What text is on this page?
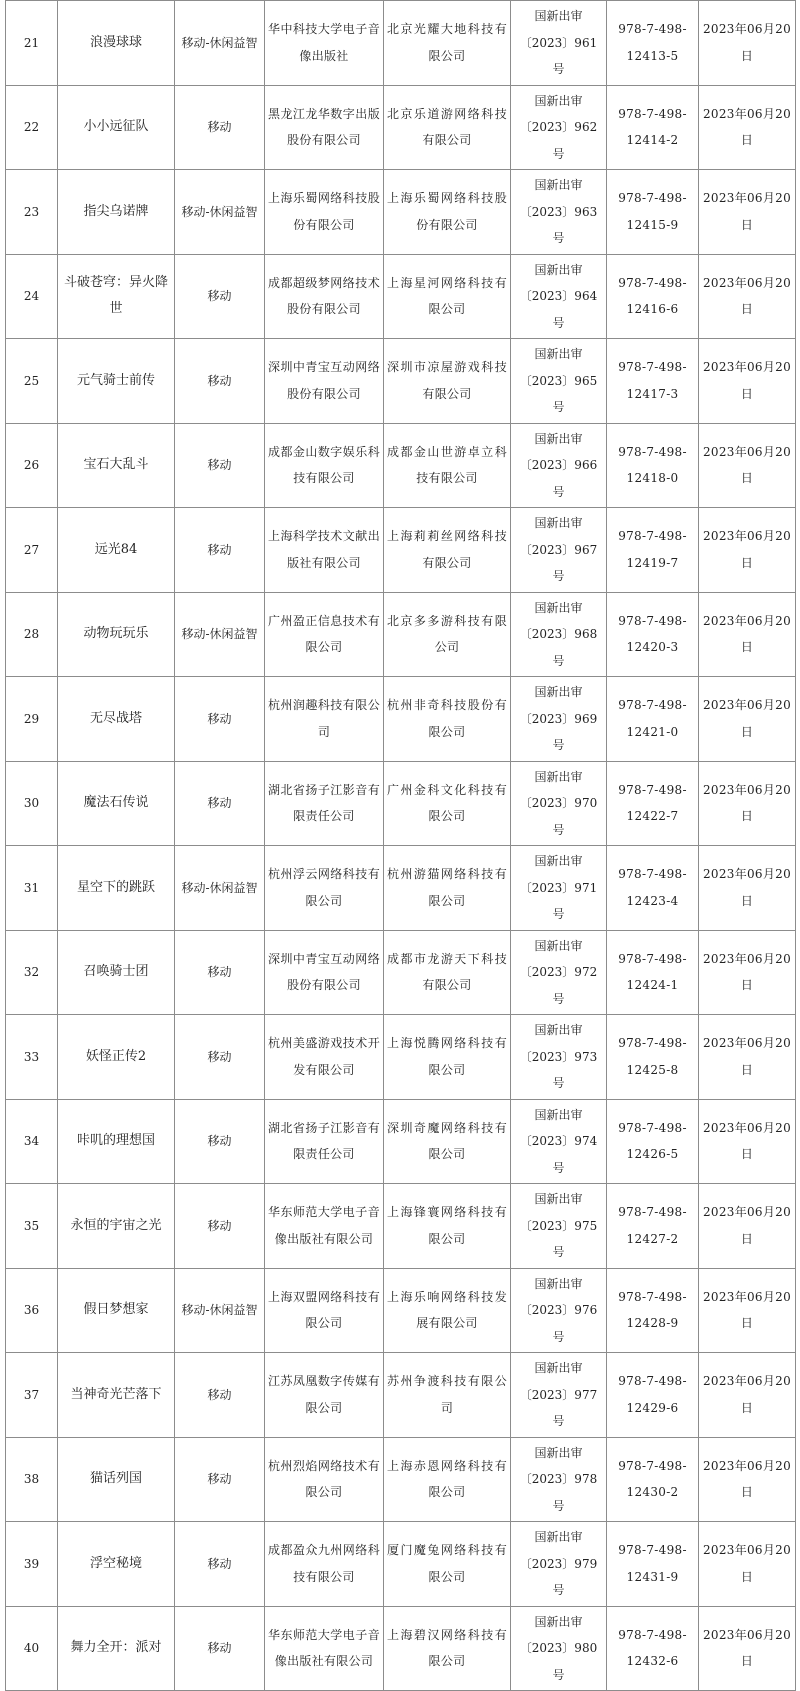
21	浪漫球球	移动-休闲益智	华中科技大学电子音像出版社	北京光耀大地科技有限公司	国新出审〔2023〕961号	978-7-498-12413-5	2023年06月20日
22	小小远征队	移动	黑龙江龙华数字出版股份有限公司	北京乐道游网络科技有限公司	国新出审〔2023〕962号	978-7-498-12414-2	2023年06月20日
23	指尖乌诺牌	移动-休闲益智	上海乐蜀网络科技股份有限公司	上海乐蜀网络科技股份有限公司	国新出审〔2023〕963号	978-7-498-12415-9	2023年06月20日
24	斗破苍穹：异火降世	移动	成都超级梦网络技术股份有限公司	上海星河网络科技有限公司	国新出审〔2023〕964号	978-7-498-12416-6	2023年06月20日
25	元气骑士前传	移动	深圳中青宝互动网络股份有限公司	深圳市凉屋游戏科技有限公司	国新出审〔2023〕965号	978-7-498-12417-3	2023年06月20日
26	宝石大乱斗	移动	成都金山数字娱乐科技有限公司	成都金山世游卓立科技有限公司	国新出审〔2023〕966号	978-7-498-12418-0	2023年06月20日
27	远光84	移动	上海科学技术文献出版社有限公司	上海莉莉丝网络科技有限公司	国新出审〔2023〕967号	978-7-498-12419-7	2023年06月20日
28	动物玩玩乐	移动-休闲益智	广州盈正信息技术有限公司	北京多多游科技有限公司	国新出审〔2023〕968号	978-7-498-12420-3	2023年06月20日
29	无尽战塔	移动	杭州润趣科技有限公司	杭州非奇科技股份有限公司	国新出审〔2023〕969号	978-7-498-12421-0	2023年06月20日
30	魔法石传说	移动	湖北省扬子江影音有限责任公司	广州金科文化科技有限公司	国新出审〔2023〕970号	978-7-498-12422-7	2023年06月20日
31	星空下的跳跃	移动-休闲益智	杭州浮云网络科技有限公司	杭州游猫网络科技有限公司	国新出审〔2023〕971号	978-7-498-12423-4	2023年06月20日
32	召唤骑士团	移动	深圳中青宝互动网络股份有限公司	成都市龙游天下科技有限公司	国新出审〔2023〕972号	978-7-498-12424-1	2023年06月20日
33	妖怪正传2	移动	杭州美盛游戏技术开发有限公司	上海悦腾网络科技有限公司	国新出审〔2023〕973号	978-7-498-12425-8	2023年06月20日
34	咔叽的理想国	移动	湖北省扬子江影音有限责任公司	深圳奇魔网络科技有限公司	国新出审〔2023〕974号	978-7-498-12426-5	2023年06月20日
35	永恒的宇宙之光	移动	华东师范大学电子音像出版社有限公司	上海锋寰网络科技有限公司	国新出审〔2023〕975号	978-7-498-12427-2	2023年06月20日
36	假日梦想家	移动-休闲益智	上海双盟网络科技有限公司	上海乐响网络科技发展有限公司	国新出审〔2023〕976号	978-7-498-12428-9	2023年06月20日
37	当神奇光芒落下	移动	江苏凤凰数字传媒有限公司	苏州争渡科技有限公司	国新出审〔2023〕977号	978-7-498-12429-6	2023年06月20日
38	猫话列国	移动	杭州烈焰网络技术有限公司	上海赤恩网络科技有限公司	国新出审〔2023〕978号	978-7-498-12430-2	2023年06月20日
39	浮空秘境	移动	成都盈众九州网络科技有限公司	厦门魔兔网络科技有限公司	国新出审〔2023〕979号	978-7-498-12431-9	2023年06月20日
40	舞力全开：派对	移动	华东师范大学电子音像出版社有限公司	上海碧汉网络科技有限公司	国新出审〔2023〕980号	978-7-498-12432-6	2023年06月20日
